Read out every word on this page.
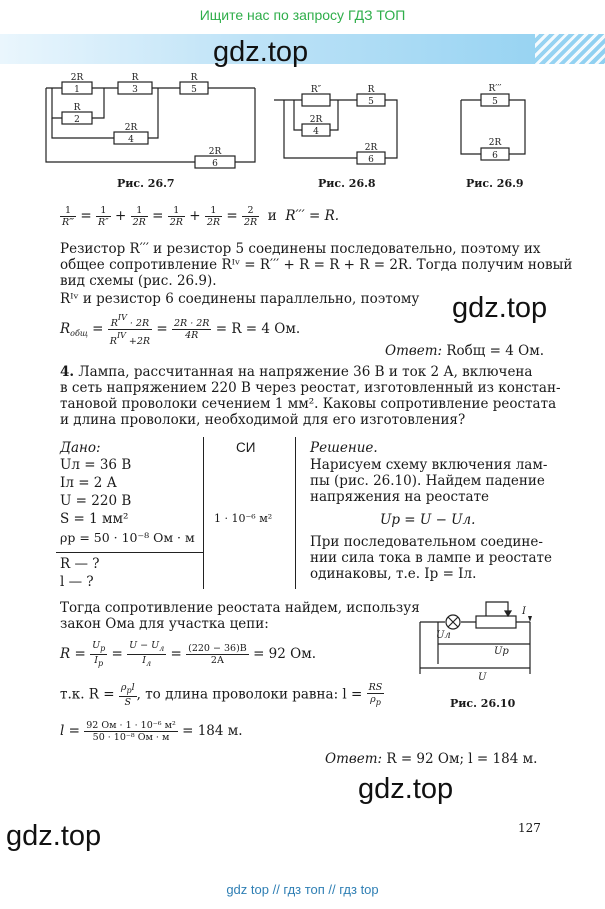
Ищите нас по запросу ГДЗ ТОП
gdz.top
2R
1
R
3
R
5
R
2
2R
4
2R
6
Рис. 26.7
R″	R
5
2R
4
2R
6
Рис. 26.8
R′′′
5
2R
6
Рис. 26.9
$\frac{1}{R‴} = \frac{1}{R''} + \frac{1}{2R} = \frac{1}{2R} + \frac{1}{2R} = \frac{2}{2R}$ и R′′′ = R.
Резистор R′′′ и резистор 5 соединены последовательно, поэтому их
общее сопротивление Rᴵᵛ = R′′′ + R = R + R = 2R. Тогда получим новый
вид схемы (рис. 26.9).
Rᴵᵛ и резистор 6 соединены параллельно, поэтому gdz.top
$R_{общ} = \frac{R^{IV} \cdot 2R}{R^{IV} +2R} = \frac{2R \cdot 2R}{4R} = R = 4$ Ом.
Ответ: Rобщ = 4 Ом.
4. Лампа, рассчитанная на напряжение 36 В и ток 2 А, включена
в сеть напряжением 220 В через реостат, изготовленный из констан-
тановой проволоки сечением 1 мм². Каковы сопротивление реостата
и длина проволоки, необходимой для его изготовления?
Дано:
Uл = 36 В
Iл = 2 А
U = 220 В
S = 1 мм²
ρр = 50 · 10⁻⁸ Ом · м
R — ?
l — ?
СИ
1 · 10⁻⁶ м²
Решение.
Нарисуем схему включения лам-
пы (рис. 26.10). Найдем падение
напряжения на реостате
Uр = U − Uл.
При последовательном соедине-
нии сила тока в лампе и реостате
одинаковы, т.е. Iр = Iл.
Тогда сопротивление реостата найдем, используя
закон Ома для участка цепи:
$R = \frac{U_р}{I_р} = \frac{U - U_л}{I_л} = \frac{(220 - 36)В}{2А} = 92$ Ом.
т.к. $R = \frac{\rho_рl}{S}$ , то длина проволоки равна: $l = \frac{RS}{\rho_р}$
$l = \frac{\text{92 Ом · 1 · 10⁻⁶ м²}}{\text{50 · 10⁻⁸ Ом · м}} = 184$ м.
I
Uл
Uр
U
Рис. 26.10
Ответ: R = 92 Ом; l = 184 м.
gdz.top
gdz.top	127
gdz top // гдз топ // гдз top
